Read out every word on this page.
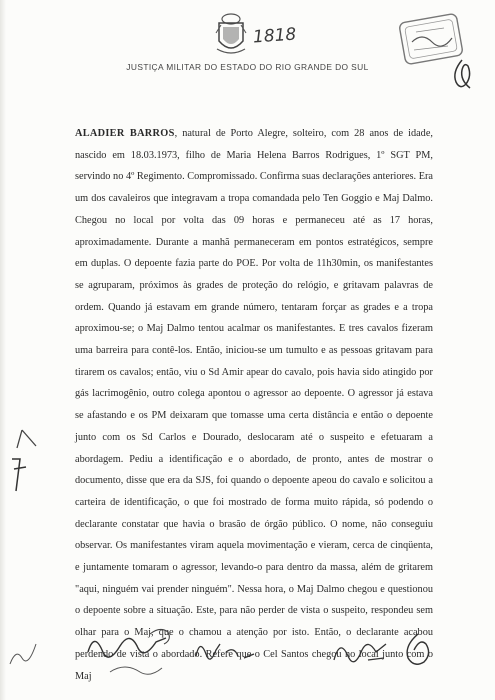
1818
JUSTIÇA MILITAR DO ESTADO DO RIO GRANDE DO SUL

ALADIER BARROS, natural de Porto Alegre, solteiro, com 28 anos de idade, nascido em 18.03.1973, filho de Maria Helena Barros Rodrigues, 1º SGT PM, servindo no 4º Regimento. Compromissado. Confirma suas declarações anteriores. Era um dos cavaleiros que integravam a tropa comandada pelo Ten Goggio e Maj Dalmo. Chegou no local por volta das 09 horas e permaneceu até as 17 horas, aproximadamente. Durante a manhã permaneceram em pontos estratégicos, sempre em duplas. O depoente fazia parte do POE. Por volta de 11h30min, os manifestantes se agruparam, próximos às grades de proteção do relógio, e gritavam palavras de ordem. Quando já estavam em grande número, tentaram forçar as grades e a tropa aproximou-se; o Maj Dalmo tentou acalmar os manifestantes. E tres cavalos fizeram uma barreira para contê-los. Então, iniciou-se um tumulto e as pessoas gritavam para tirarem os cavalos; então, viu o Sd Amir apear do cavalo, pois havia sido atingido por gás lacrimogênio, outro colega apontou o agressor ao depoente. O agressor já estava se afastando e os PM deixaram que tomasse uma certa distância e então o depoente junto com os Sd Carlos e Dourado, deslocaram até o suspeito e efetuaram a abordagem. Pediu a identificação e o abordado, de pronto, antes de mostrar o documento, disse que era da SJS, foi quando o depoente apeou do cavalo e solicitou a carteira de identificação, o que foi mostrado de forma muito rápida, só podendo o declarante constatar que havia o brasão de órgão público. O nome, não conseguiu observar. Os manifestantes viram aquela movimentação e vieram, cerca de cinqüenta, e juntamente tomaram o agressor, levando-o para dentro da massa, além de gritarem "aqui, ninguém vai prender ninguém". Nessa hora, o Maj Dalmo chegou e questionou o depoente sobre a situação. Este, para não perder de vista o suspeito, respondeu sem olhar para o Maj, que o chamou a atenção por isto. Então, o declarante acabou perdendo de vista o abordado. Refere que o Cel Santos chegou no local junto com o Maj
